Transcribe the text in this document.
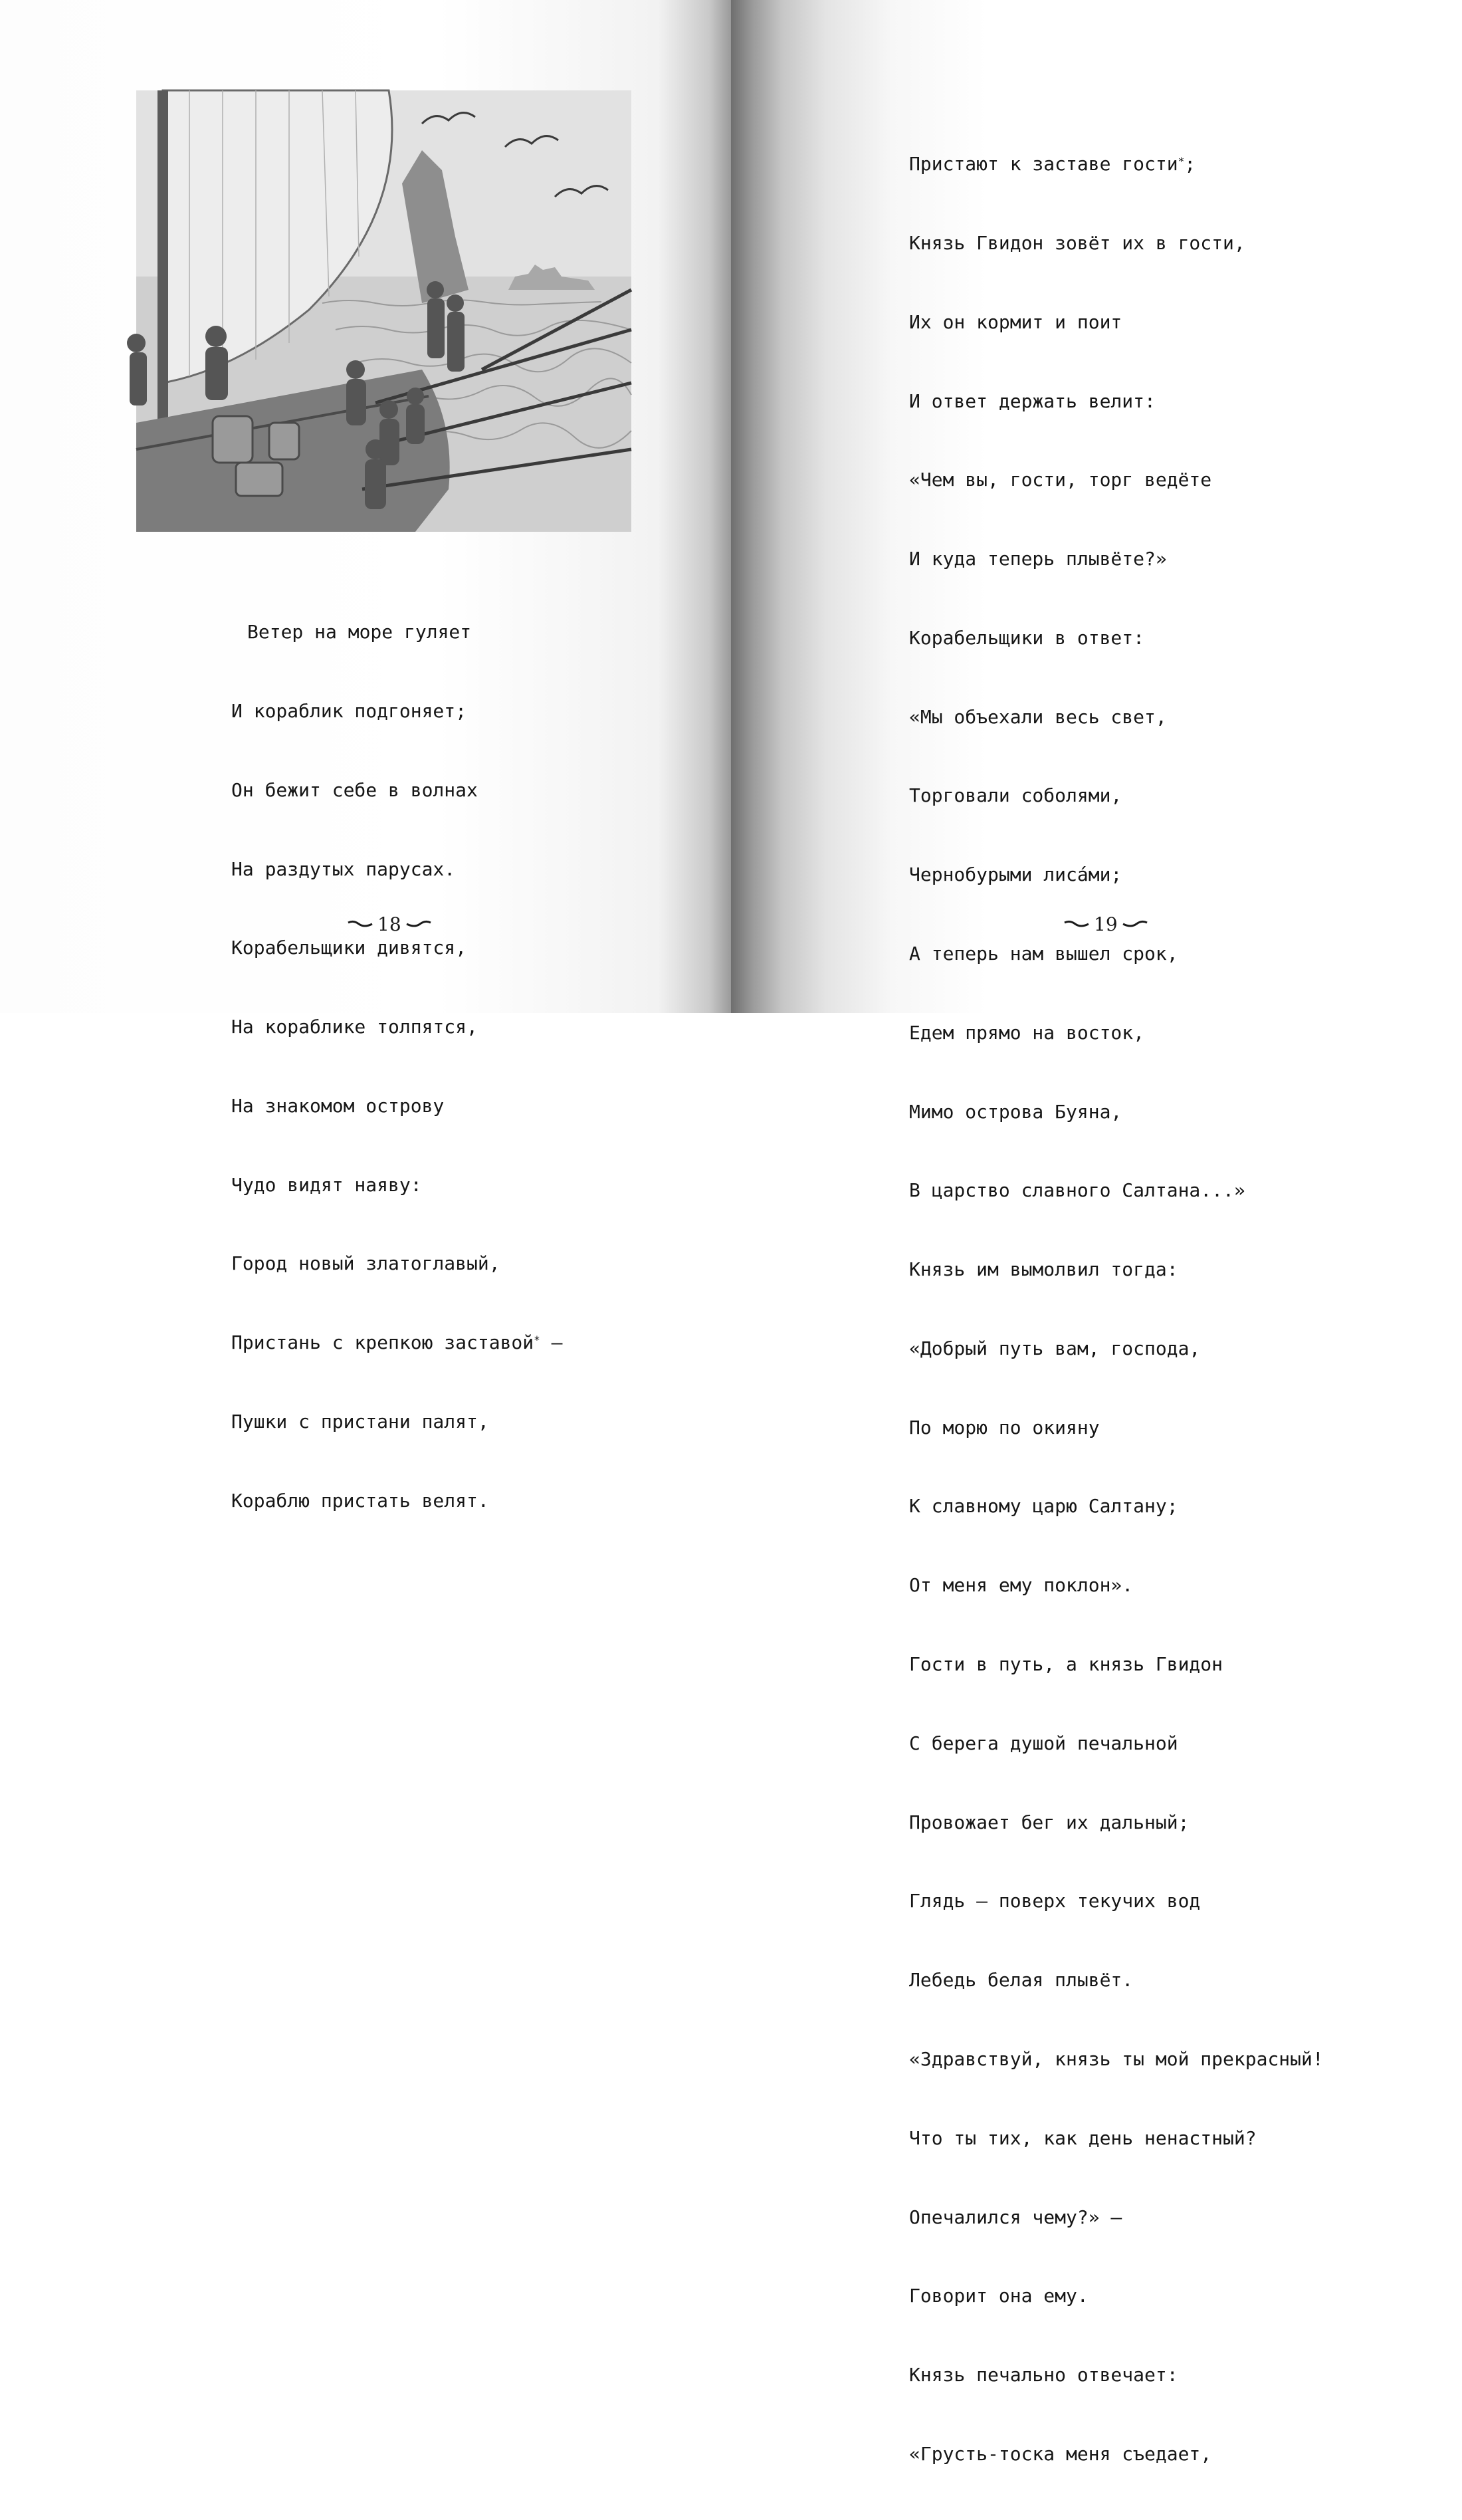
Ветер на море гуляет

И кораблик подгоняет;

Он бежит себе в волнах

На раздутых парусах.

Корабельщики дивятся,

На кораблике толпятся,

На знакомом острову

Чудо видят наяву:

Город новый златоглавый,

Пристань с крепкою заставой* –

Пушки с пристани палят,

Кораблю пристать велят.

18

Пристают к заставе гости*;

Князь Гвидон зовёт их в гости,

Их он кормит и поит

И ответ держать велит:

«Чем вы, гости, торг ведёте

И куда теперь плывёте?»

Корабельщики в ответ:

«Мы объехали весь свет,

Торговали соболями,

Чернобурыми лиса́ми;

А теперь нам вышел срок,

Едем прямо на восток,

Мимо острова Буяна,

В царство славного Салтана...»

Князь им вымолвил тогда:

«Добрый путь вам, господа,

По морю по окияну

К славному царю Салтану;

От меня ему поклон».

Гости в путь, а князь Гвидон

С берега душой печальной

Провожает бег их дальный;

Глядь – поверх текучих вод

Лебедь белая плывёт.

«Здравствуй, князь ты мой прекрасный!

Что ты тих, как день ненастный?

Опечалился чему?» –

Говорит она ему.

Князь печально отвечает:

«Грусть-тоска меня съедает,

19
